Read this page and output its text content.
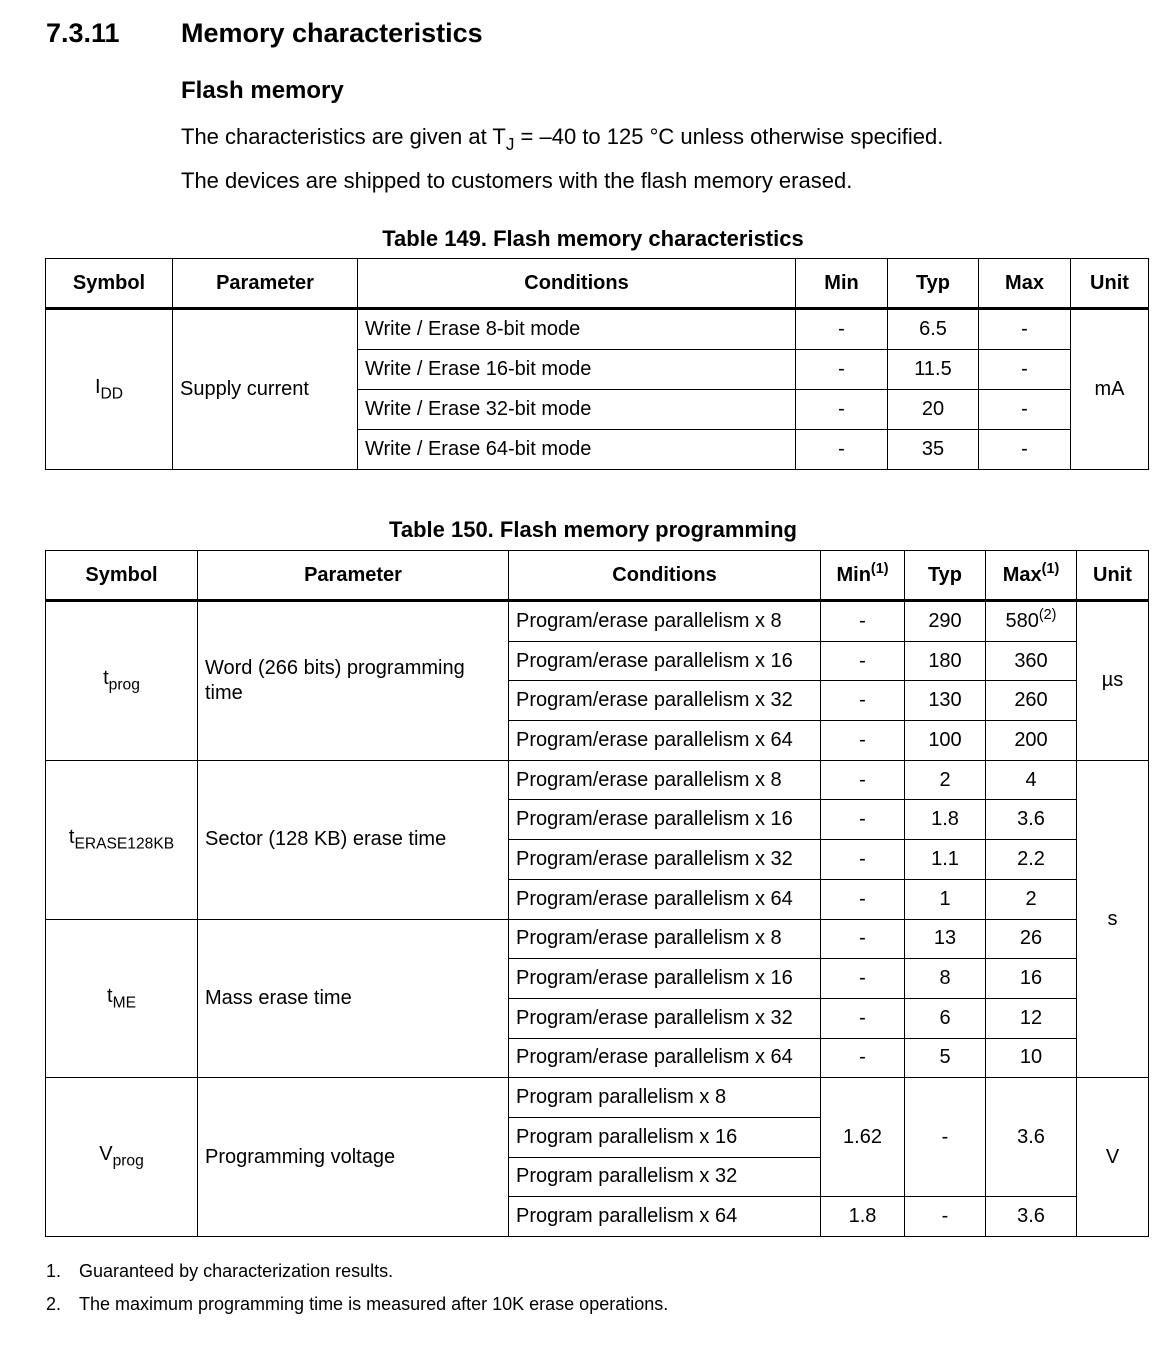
7.3.11 Memory characteristics
Flash memory
The characteristics are given at $T_J = -40$ to 125 °C unless otherwise specified.
The devices are shipped to customers with the flash memory erased.
Table 149. Flash memory characteristics
Symbol	Parameter	Conditions	Min	Typ	Max	Unit
$I_{DD}$	Supply current	Write / Erase 8-bit mode	-	6.5	-	mA
		Write / Erase 16-bit mode	-	11.5	-	
		Write / Erase 32-bit mode	-	20	-	
		Write / Erase 64-bit mode	-	35	-	
Table 150. Flash memory programming
Symbol	Parameter	Conditions	Min$^{(1)}$	Typ	Max$^{(1)}$	Unit
$t_{prog}$	Word (266 bits) programming time	Program/erase parallelism x 8	-	290	580$^{(2)}$	µs
		Program/erase parallelism x 16	-	180	360	
		Program/erase parallelism x 32	-	130	260	
		Program/erase parallelism x 64	-	100	200	
$t_{ERASE128KB}$	Sector (128 KB) erase time	Program/erase parallelism x 8	-	2	4	s
		Program/erase parallelism x 16	-	1.8	3.6	
		Program/erase parallelism x 32	-	1.1	2.2	
		Program/erase parallelism x 64	-	1	2	
$t_{ME}$	Mass erase time	Program/erase parallelism x 8	-	13	26	
		Program/erase parallelism x 16	-	8	16	
		Program/erase parallelism x 32	-	6	12	
		Program/erase parallelism x 64	-	5	10	
$V_{prog}$	Programming voltage	Program parallelism x 8	1.62	-	3.6	V
		Program parallelism x 16				
		Program parallelism x 32				
		Program parallelism x 64	1.8	-	3.6	
1. Guaranteed by characterization results.
2. The maximum programming time is measured after 10K erase operations.
